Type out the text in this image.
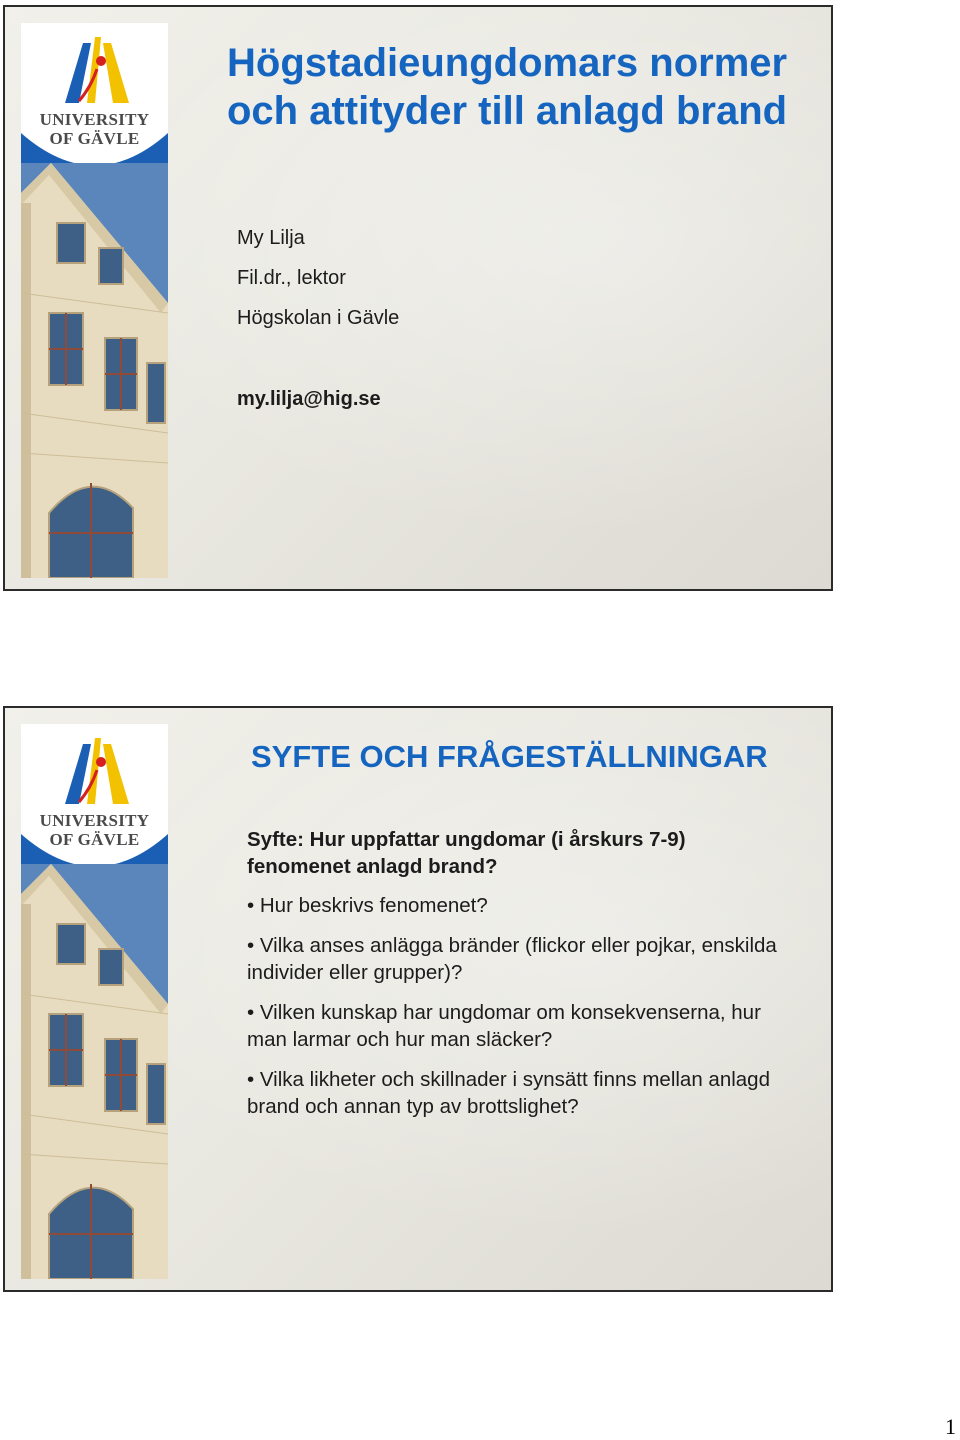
UNIVERSITY
OF GÄVLE
Högstadieungdomars normer och attityder till anlagd brand
My Lilja
Fil.dr., lektor
Högskolan i Gävle
my.lilja@hig.se
UNIVERSITY
OF GÄVLE
SYFTE OCH FRÅGESTÄLLNINGAR

Syfte: Hur uppfattar ungdomar (i årskurs 7-9) fenomenet anlagd brand?

• Hur beskrivs fenomenet?

• Vilka anses anlägga bränder (flickor eller pojkar, enskilda individer eller grupper)?

• Vilken kunskap har ungdomar om konsekvenserna, hur man larmar och hur man släcker?

• Vilka likheter och skillnader i synsätt finns mellan anlagd brand och annan typ av brottslighet?

1
